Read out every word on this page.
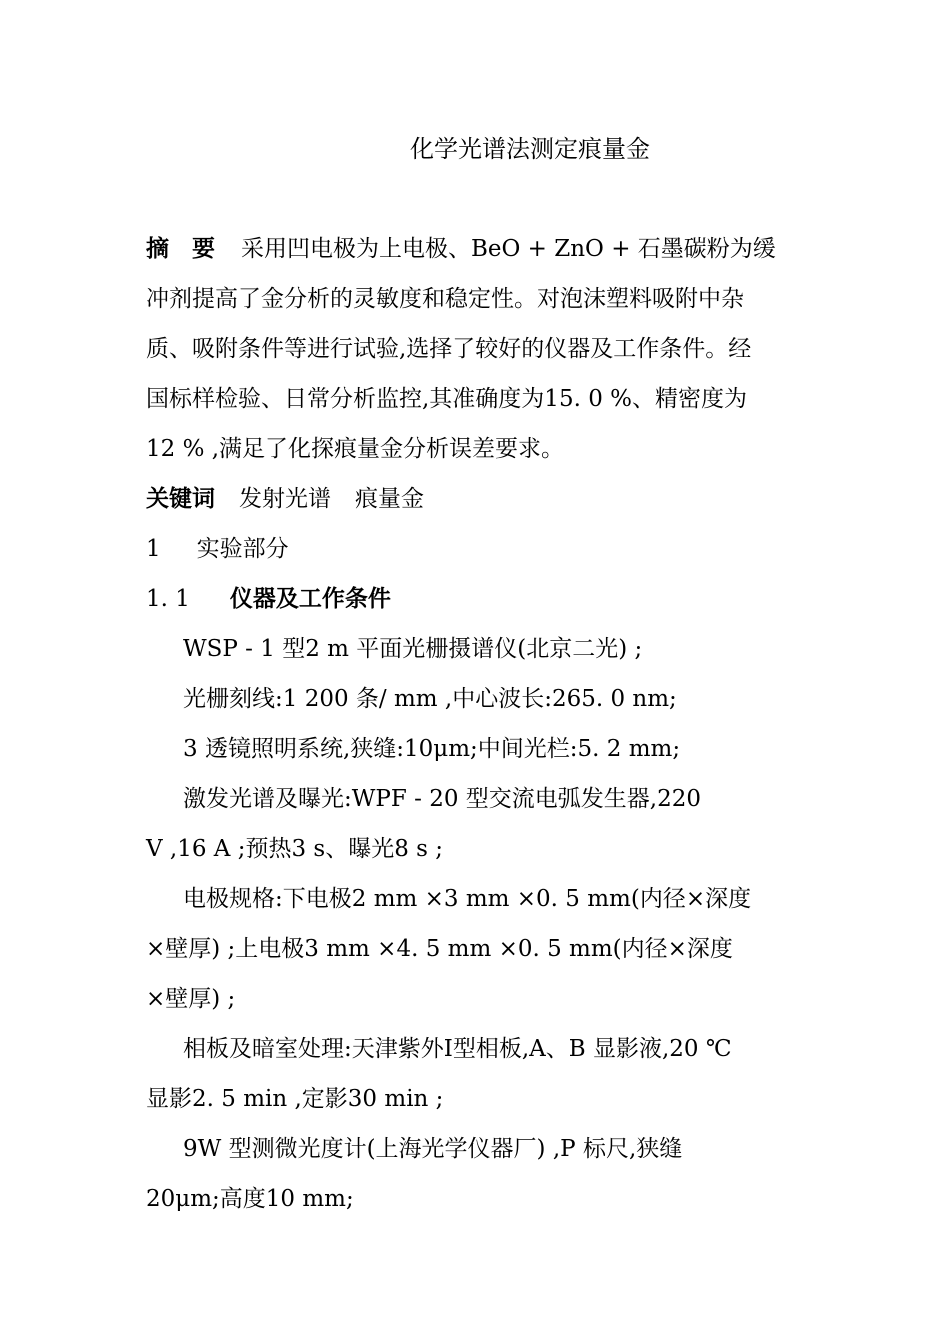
化学光谱法测定痕量金
摘　要 采用凹电极为上电极、BeO + ZnO + 石墨碳粉为缓
冲剂提高了金分析的灵敏度和稳定性。对泡沫塑料吸附中杂
质、吸附条件等进行试验,选择了较好的仪器及工作条件。经
国标样检验、日常分析监控,其准确度为15. 0 %、精密度为
12 % ,满足了化探痕量金分析误差要求。
关键词 发射光谱 痕量金
1 实验部分
1. 1 仪器及工作条件
WSP - 1 型2 m 平面光栅摄谱仪(北京二光) ;
光栅刻线:1 200 条/ mm ,中心波长:265. 0 nm;
3 透镜照明系统,狭缝:10μm;中间光栏:5. 2 mm;
激发光谱及曝光:WPF - 20 型交流电弧发生器,220
V ,16 A ;预热3 s、曝光8 s ;
电极规格:下电极2 mm ×3 mm ×0. 5 mm(内径×深度
×壁厚) ;上电极3 mm ×4. 5 mm ×0. 5 mm(内径×深度
×壁厚) ;
相板及暗室处理:天津紫外Ⅰ型相板,A、B 显影液,20 ℃
显影2. 5 min ,定影30 min ;
9W 型测微光度计(上海光学仪器厂) ,P 标尺,狭缝
20μm;高度10 mm;
